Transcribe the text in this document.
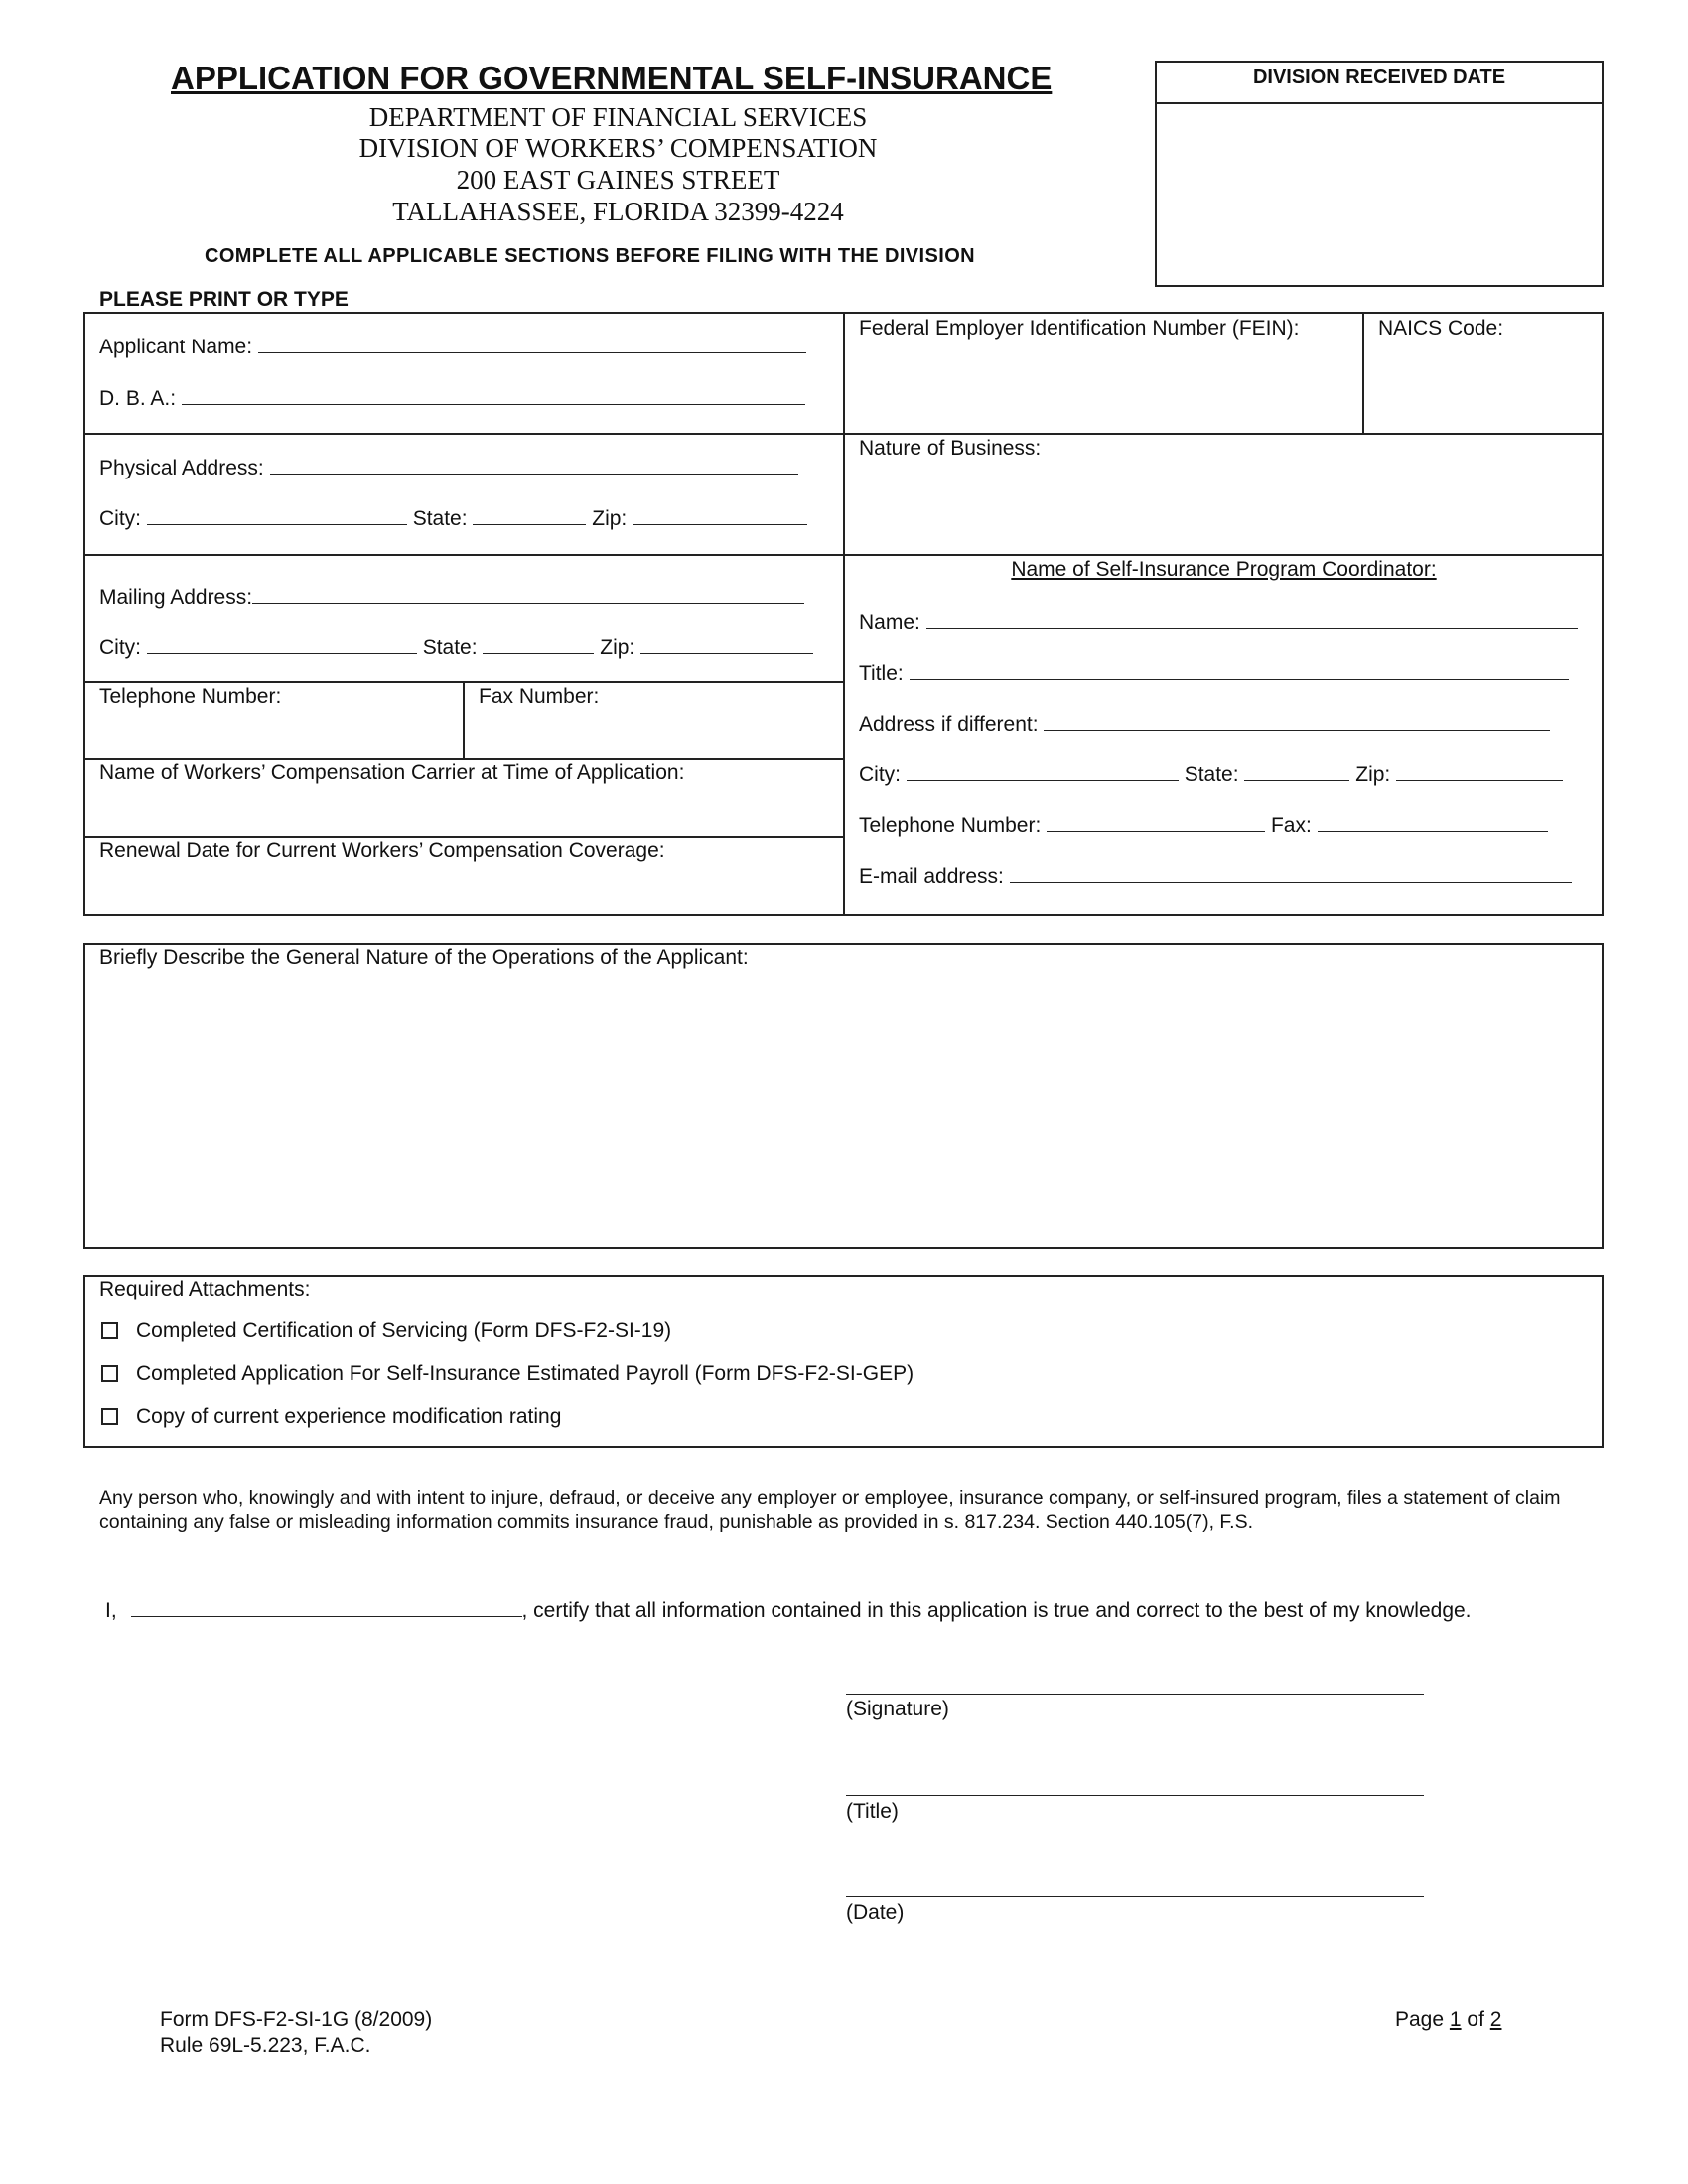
APPLICATION FOR GOVERNMENTAL SELF-INSURANCE
DEPARTMENT OF FINANCIAL SERVICES
DIVISION OF WORKERS’ COMPENSATION
200 EAST GAINES STREET
TALLAHASSEE, FLORIDA 32399-4224
COMPLETE ALL APPLICABLE SECTIONS BEFORE FILING WITH THE DIVISION
DIVISION RECEIVED DATE
PLEASE PRINT OR TYPE
Applicant Name:
D. B. A.:
Physical Address:
City:	State:	Zip:
Mailing Address:
City:	State:	Zip:
Telephone Number:	Fax Number:
Name of Workers’ Compensation Carrier at Time of Application:
Renewal Date for Current Workers’ Compensation Coverage:
Federal Employer Identification Number (FEIN):	NAICS Code:
Nature of Business:
Name of Self-Insurance Program Coordinator:
Name:
Title:
Address if different:
City:	State:	Zip:
Telephone Number:	Fax:
E-mail address:
Briefly Describe the General Nature of the Operations of the Applicant:
Required Attachments:
Completed Certification of Servicing (Form DFS-F2-SI-19)
Completed Application For Self-Insurance Estimated Payroll (Form DFS-F2-SI-GEP)
Copy of current experience modification rating
Any person who, knowingly and with intent to injure, defraud, or deceive any employer or employee, insurance company, or self-insured program, files a statement of claim containing any false or misleading information commits insurance fraud, punishable as provided in s. 817.234. Section 440.105(7), F.S.
I,	, certify that all information contained in this application is true and correct to the best of my knowledge.
(Signature)
(Title)
(Date)
Form DFS-F2-SI-1G (8/2009)
Rule 69L-5.223, F.A.C.
Page 1 of 2
